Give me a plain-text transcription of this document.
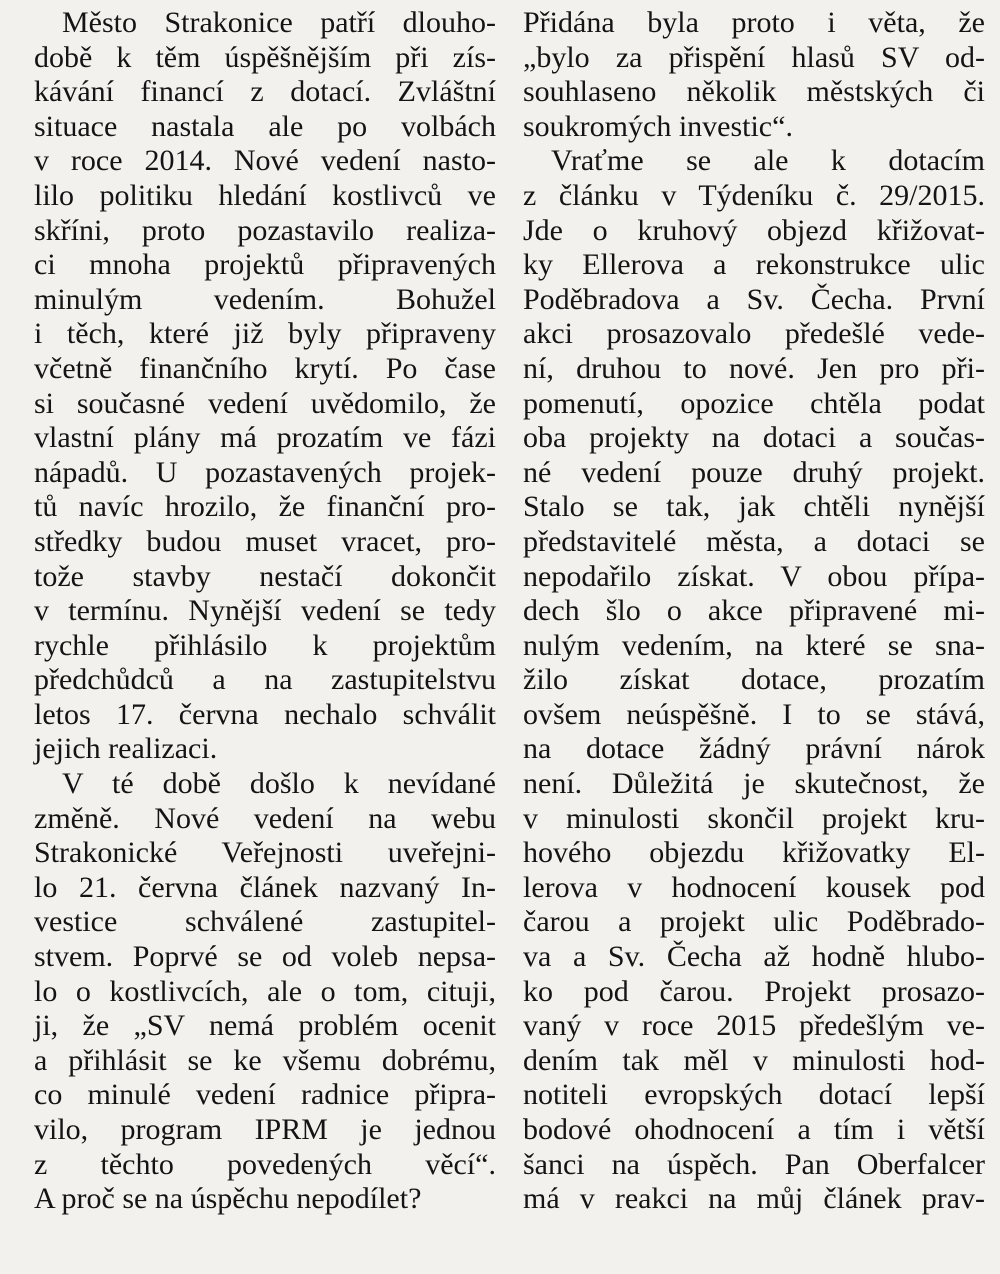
Město Strakonice patří dlouho-
době k těm úspěšnějším při zís-
kávání financí z dotací. Zvláštní
situace nastala ale po volbách
v roce 2014. Nové vedení nasto-
lilo politiku hledání kostlivců ve
skříni, proto pozastavilo realiza-
ci mnoha projektů připravených
minulým vedením. Bohužel
i těch, které již byly připraveny
včetně finančního krytí. Po čase
si současné vedení uvědomilo, že
vlastní plány má prozatím ve fázi
nápadů. U pozastavených projek-
tů navíc hrozilo, že finanční pro-
středky budou muset vracet, pro-
tože stavby nestačí dokončit
v termínu. Nynější vedení se tedy
rychle přihlásilo k projektům
předchůdců a na zastupitelstvu
letos 17. června nechalo schválit
jejich realizaci.
V té době došlo k nevídané
změně. Nové vedení na webu
Strakonické Veřejnosti uveřejni-
lo 21. června článek nazvaný In-
vestice schválené zastupitel-
stvem. Poprvé se od voleb nepsa-
lo o kostlivcích, ale o tom, cituji,
ji, že „SV nemá problém ocenit
a přihlásit se ke všemu dobrému,
co minulé vedení radnice připra-
vilo, program IPRM je jednou
z těchto povedených věcí“.
A proč se na úspěchu nepodílet?
Přidána byla proto i věta, že
„bylo za přispění hlasů SV od-
souhlaseno několik městských či
soukromých investic“.
Vraťme se ale k dotacím
z článku v Týdeníku č. 29/2015.
Jde o kruhový objezd křižovat-
ky Ellerova a rekonstrukce ulic
Poděbradova a Sv. Čecha. První
akci prosazovalo předešlé vede-
ní, druhou to nové. Jen pro při-
pomenutí, opozice chtěla podat
oba projekty na dotaci a součas-
né vedení pouze druhý projekt.
Stalo se tak, jak chtěli nynější
představitelé města, a dotaci se
nepodařilo získat. V obou přípa-
dech šlo o akce připravené mi-
nulým vedením, na které se sna-
žilo získat dotace, prozatím
ovšem neúspěšně. I to se stává,
na dotace žádný právní nárok
není. Důležitá je skutečnost, že
v minulosti skončil projekt kru-
hového objezdu křižovatky El-
lerova v hodnocení kousek pod
čarou a projekt ulic Poděbrado-
va a Sv. Čecha až hodně hlubo-
ko pod čarou. Projekt prosazo-
vaný v roce 2015 předešlým ve-
dením tak měl v minulosti hod-
notiteli evropských dotací lepší
bodové ohodnocení a tím i větší
šanci na úspěch. Pan Oberfalcer
má v reakci na můj článek prav-
